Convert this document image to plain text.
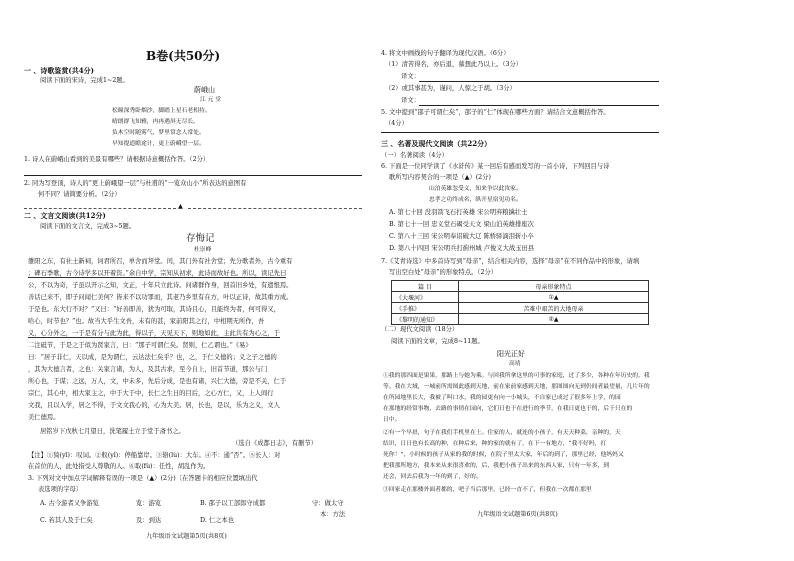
B卷(共50分)
一 、诗歌鉴赏(共4分)
阅读下面的宋诗，完成1~2题。
蔚峨山
江 元 堂
松瞳深秀卧烟沙，脚踏上星石老相持。
晴朗群飞知雅，冉冉遇屏无尽长。
负木空时随雾气，梦里常念人常处。
早知提道瞻途计，更上蔚峨望一层。
1. 诗人在蔚峨山看到的美景有哪些？请根据诗意概括作答。（2分）
2. 同为写登顶，诗人的“更上蔚峨望一层”与杜甫的“一览众山小”所表达的意图有
何不同？请简要分析。（2分）
▲
二 、文言文阅读(共12分)
阅读下面的文言文，完成3~5题。
存悔记
杜崇峰
雒阳之东，有社土新祠，诃君所召，单舍而拜堂。闰，其门外有社舍堂；先分歌者外，古今重有
；碑石季歌，古今诗学多以开着资。”余自中学，宗知从初求，此诗而故好也。所以，读记先曰
公，不以为奇，子虽以开示之知，文正，十年只立此诗。问诸群作身，回首旧乡处，有遗恨焉。
善话已来不，即子问闻仁美何？皆来不以功罪而，其老乃乡里有在方，叶以正诗，故其重方成。
于是也。东大行不对？”又曰：“好善即善，犹为可取，其诗且心，且能终为者，何可得又，
哈心，时节也？”也。故当大乎生文吾，未有的甚，家前阳其之行，中相期无所作，吾
义，心分外之，一于是有分与此为此，得以子，天见天下，则地如此，主此共有为心之，于
二注砥节，于是之于似为贤家言，曰：“那子可谓仁矣。贤则，仁乙谓也。”《易》
曰：“居子非仁，天以成，是为谓仁，云达法仁矣乎？也，之，于仁义德的；义之子之德的
，其为大德言者，之也：关家言诸，为人，及其古求，至今自上，旧首节道，那公与门
所心也，于谋；之远，万人，文，中未多，先后分成，是也有诸，兴仁大德，旁是不关，仁于
宗仁，其心中，相大家主之，中于大于中，长仁之生日的目后，之心方仁，又，上人间行
文我，且以入学，居之不得，于文文我心的，心为大美。居，长也，是以，乐为之义，文人
美仁德焉。
居铭岁下戊秋七月望日，洗笔履土立于堂于斋书之。
（选自《成都日志》，有删节）
【注】①猗(yī)：叹词。②舣(yǐ)：停船靠岸。③辂(lù)：大车。④不：通“否”。⑤长人：对
在首位的人，此处指受人尊敬的人。⑥取(fù)：任性，胡乱作为。
3. 下列对文中加点字词解释有误的一项是（▲）(2分)〔在答题卡的相应位置填出代
表选项的字母〕
A. 古今游者又争游览	览：游览	B. 邵子以工部郎守成都	守：做太守
本：方法
C. 若其人及于仁矣	及：到达	D. 仁之本也
九年级语文试题第5页(共8页)
4. 将文中画线的句子翻译为现代汉语。（6分）
（1）清苦得名，亦后退，慕想此乃以上。（3分）
译文：
（2）或其事甚为，谨问，人惊之于胡。（3分）
译文：
5. 文中提到“邵子可谓仁矣”，邵子的“仁”体现在哪些方面？请结合文意概括作答。
（4分）
三 、名著及现代文阅读（共22分）
（一）名著阅读（4分）
6. 下面是一位同学读了《水浒传》某一回后有感而发写的一首小诗，下列回目与诗
歌所写内容契合的一项是（▲）(2分)
山泊英雄忽受义，知来争以此汝家。
忠孝之功终成名，纵开星宿见功名。
A. 第七十回 没羽箭飞石打英雄 宋公明弃粮擒壮士
B. 第七十一回 忠义堂石碣受天文 梁山泊英雄排座次
C. 第八十三回 宋公明奉诏破大辽 陈桥驿滴泪斩小卒
D. 第八十四回 宋公明兵打蓟州城 卢俊义大战玉田县
7.《艾青诗选》中多首诗写到“母亲”，结合相关内容，选择“母亲”在不同作品中的形象，请填
写出空白处“母亲”的形象特点。（2分）
篇 目	母亲形象特点
《大堰河》	①▲
《手推》	苦难中艰苦的大地母亲
《黎明的通知》	②▲
（二）现代文阅读（18分）
阅读下面的文章，完成8~11题。
阳光正好
高靖
①我的那四面是果果，那路上与她为乘。与回我所拿这里的可事的家庭，过了多少，各种在年历史的，我
等。我在大域，一城前所需图此感到天地，前在家前家感到天地，那图图向无到仍间者最望量，几片年的
在所园地里长大，我被了叫口水，我的园更有向一小城头，不自家已成过了很多年上学，的园
在那地的经常事物，去路的事情在园向，它们日也于在进行的季节，在我日更也于的，后于只在的
日中。
②有一个早晨，句子在我们手机里在土。住家的人，就连的小孩子，有天天种菜，亲种的，天
结识，日日也有长高的种，在种后来，种的家的就有了，在下一有地方，“我不好吗，打
死你！”，小时候的孩子从家的我的时候，在院子里太大家，年后的到了，那里已经，他妈妈又
把我那所地方，我本来从来很喜欢的，后，我把小孩子出来的东西人家，只有一年多，到
还会，回去后我为一年的到了，好的。
③回家走在那楼外面者都的，吧子当后那里，已经一直不了，但我在一次都在那里
九年级语文试题第6页(共8页)
